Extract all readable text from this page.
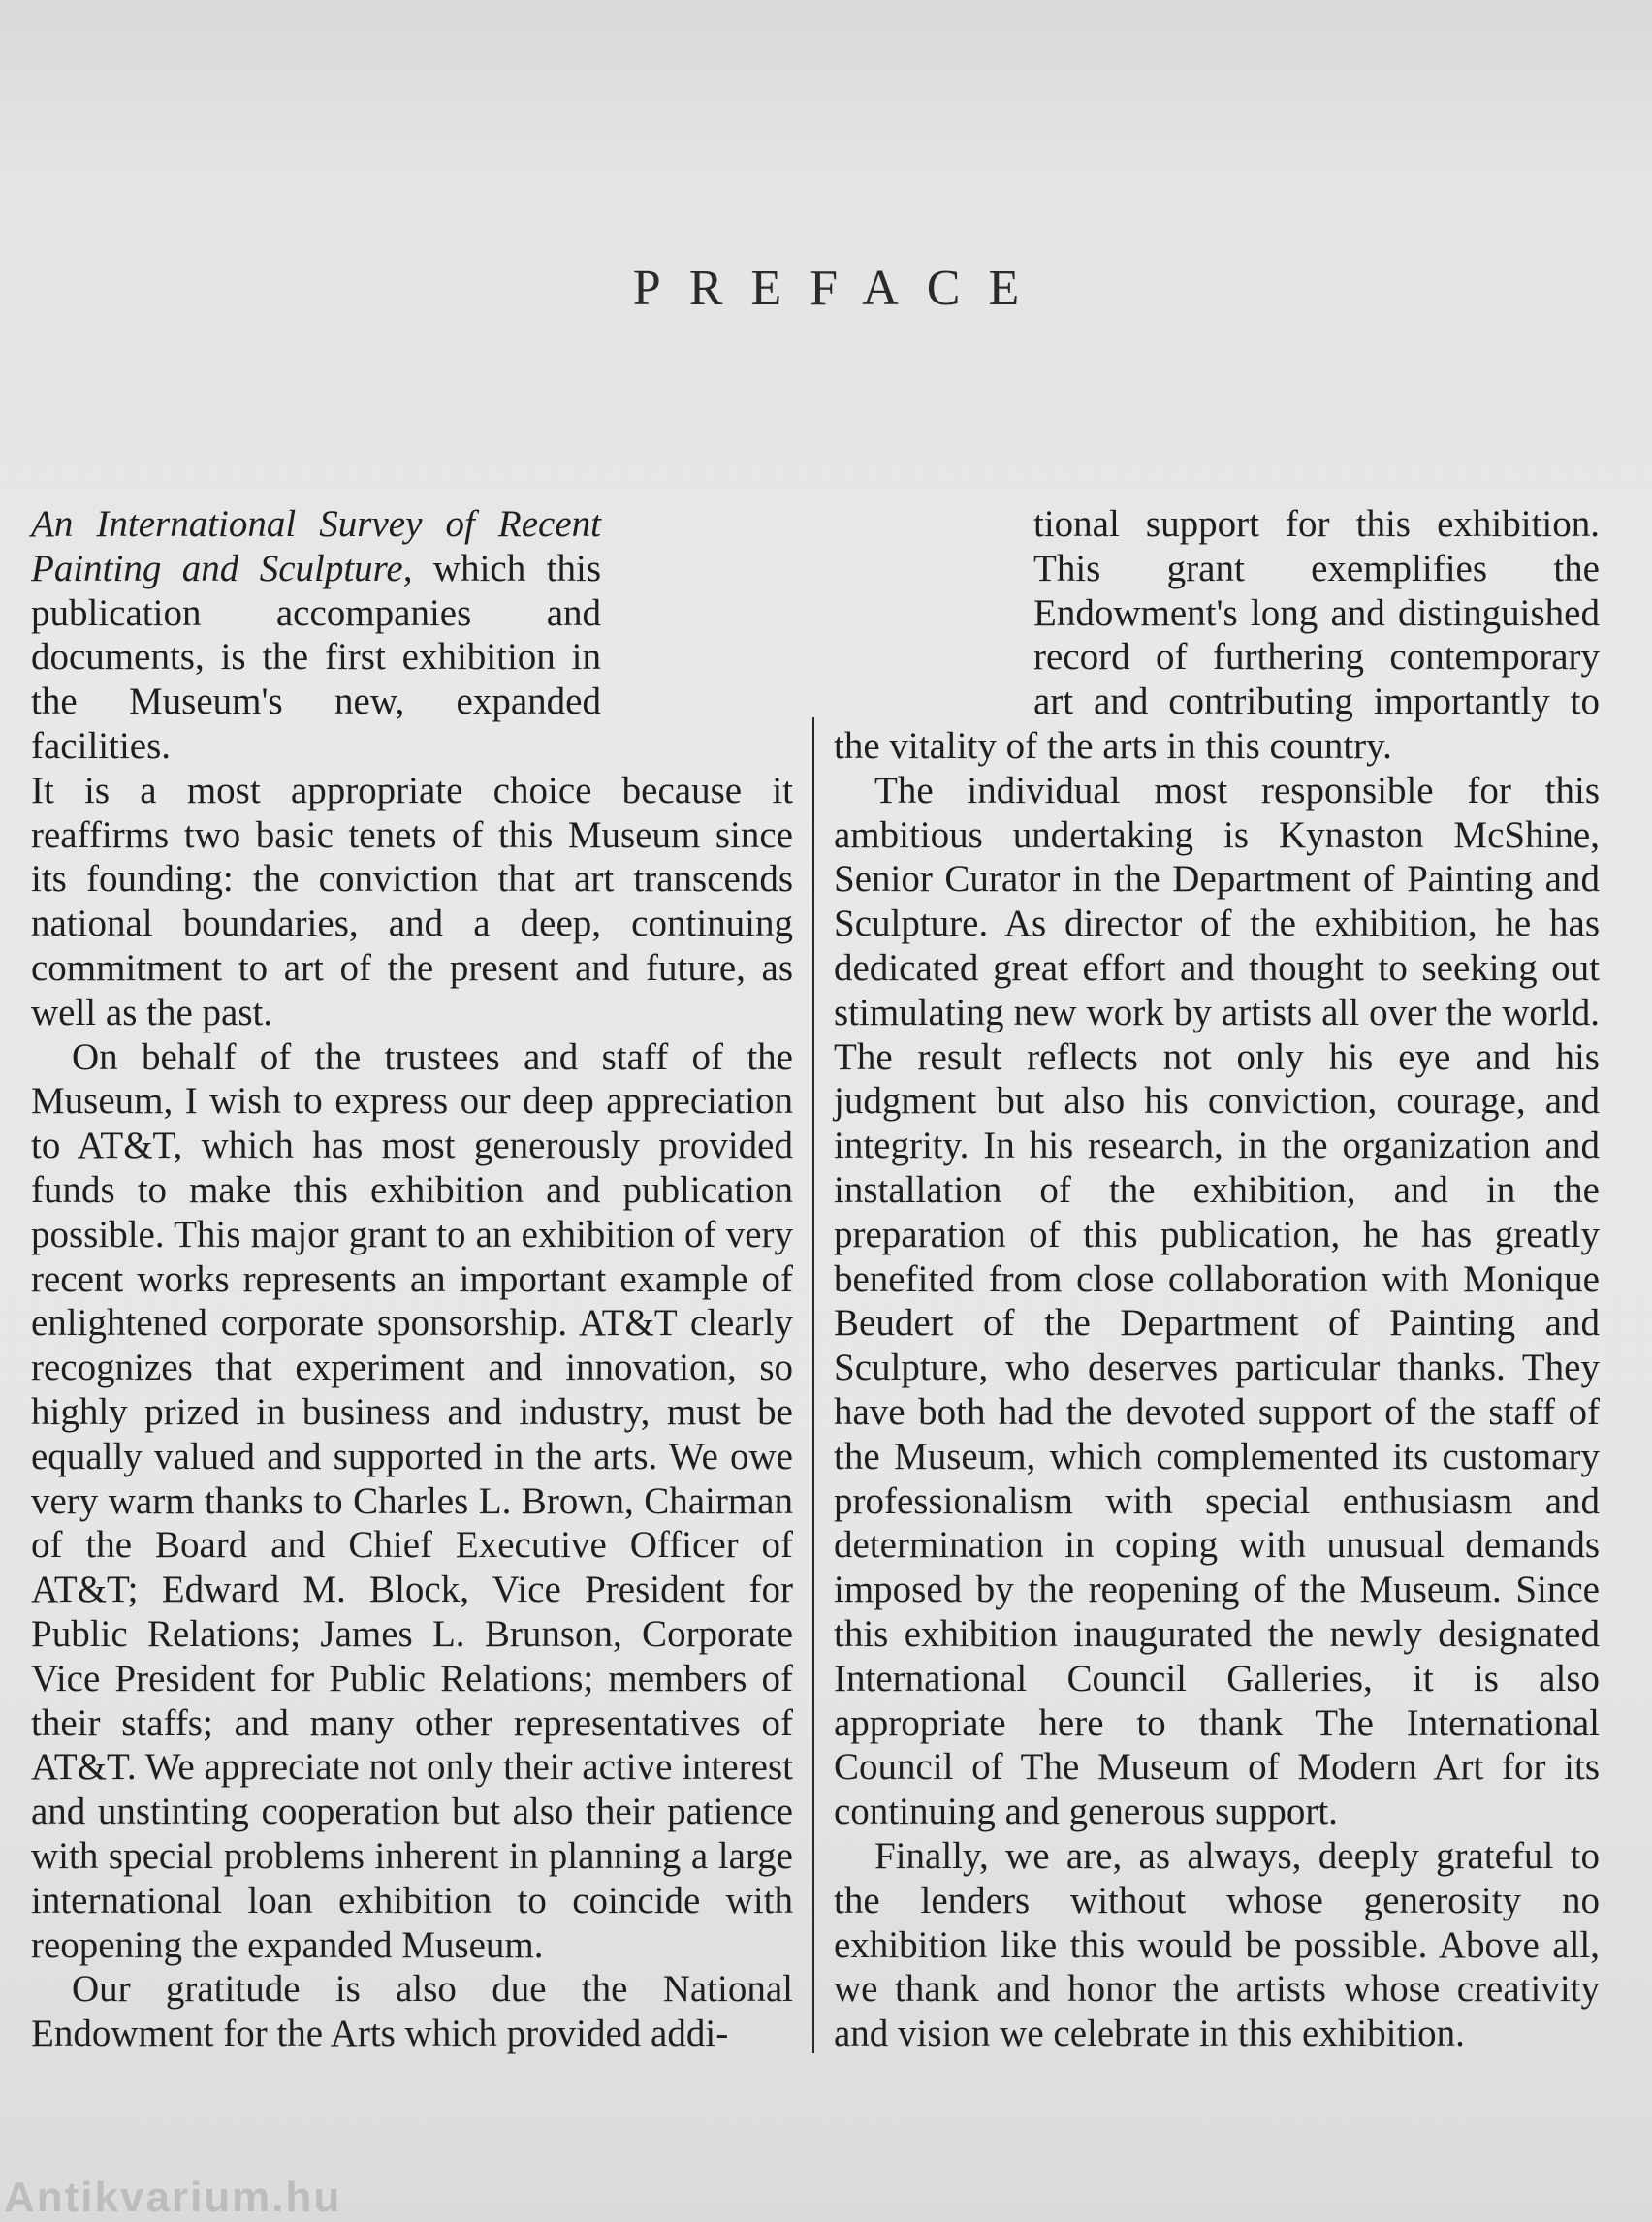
PREFACE

An International Survey of Recent Painting and Sculpture, which this publication accompanies and documents, is the first exhibition in the Museum's new, expanded facilities.

It is a most appropriate choice because it reaffirms two basic tenets of this Museum since its founding: the conviction that art transcends national boundaries, and a deep, continuing commitment to art of the present and future, as well as the past.

On behalf of the trustees and staff of the Museum, I wish to express our deep appreciation to AT&T, which has most generously provided funds to make this exhibition and publication possible. This major grant to an exhibition of very recent works represents an important example of enlightened corporate sponsorship. AT&T clearly recognizes that experiment and innovation, so highly prized in business and industry, must be equally valued and supported in the arts. We owe very warm thanks to Charles L. Brown, Chairman of the Board and Chief Executive Officer of AT&T; Edward M. Block, Vice President for Public Relations; James L. Brunson, Corporate Vice President for Public Relations; members of their staffs; and many other representatives of AT&T. We appreciate not only their active interest and unstinting cooperation but also their patience with special problems inherent in planning a large international loan exhibition to coincide with reopening the expanded Museum.

Our gratitude is also due the National Endowment for the Arts which provided addi-

tional support for this exhibition. This grant exemplifies the Endowment's long and distinguished record of furthering contemporary art and contributing importantly to the vitality of the arts in this country.

The individual most responsible for this ambitious undertaking is Kynaston McShine, Senior Curator in the Department of Painting and Sculpture. As director of the exhibition, he has dedicated great effort and thought to seeking out stimulating new work by artists all over the world. The result reflects not only his eye and his judgment but also his conviction, courage, and integrity. In his research, in the organization and installation of the exhibition, and in the preparation of this publication, he has greatly benefited from close collaboration with Monique Beudert of the Department of Painting and Sculpture, who deserves particular thanks. They have both had the devoted support of the staff of the Museum, which complemented its customary professionalism with special enthusiasm and determination in coping with unusual demands imposed by the reopening of the Museum. Since this exhibition inaugurated the newly designated International Council Galleries, it is also appropriate here to thank The International Council of The Museum of Modern Art for its continuing and generous support.

Finally, we are, as always, deeply grateful to the lenders without whose generosity no exhibition like this would be possible. Above all, we thank and honor the artists whose creativity and vision we celebrate in this exhibition.

Antikvarium.hu
